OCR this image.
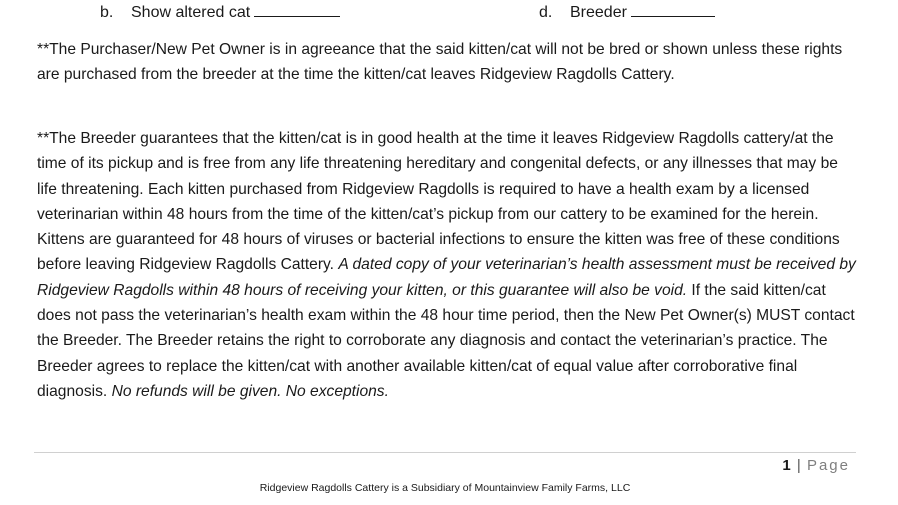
b. Show altered cat	d. Breeder

**The Purchaser/New Pet Owner is in agreeance that the said kitten/cat will not be bred or shown unless these rights are purchased from the breeder at the time the kitten/cat leaves Ridgeview Ragdolls Cattery.

**The Breeder guarantees that the kitten/cat is in good health at the time it leaves Ridgeview Ragdolls cattery/at the time of its pickup and is free from any life threatening hereditary and congenital defects, or any illnesses that may be life threatening. Each kitten purchased from Ridgeview Ragdolls is required to have a health exam by a licensed veterinarian within 48 hours from the time of the kitten/cat’s pickup from our cattery to be examined for the herein. Kittens are guaranteed for 48 hours of viruses or bacterial infections to ensure the kitten was free of these conditions before leaving Ridgeview Ragdolls Cattery. A dated copy of your veterinarian’s health assessment must be received by Ridgeview Ragdolls within 48 hours of receiving your kitten, or this guarantee will also be void. If the said kitten/cat does not pass the veterinarian’s health exam within the 48 hour time period, then the New Pet Owner(s) MUST contact the Breeder. The Breeder retains the right to corroborate any diagnosis and contact the veterinarian’s practice. The Breeder agrees to replace the kitten/cat with another available kitten/cat of equal value after corroborative final diagnosis. No refunds will be given. No exceptions.

1 | Page
Ridgeview Ragdolls Cattery is a Subsidiary of Mountainview Family Farms, LLC
